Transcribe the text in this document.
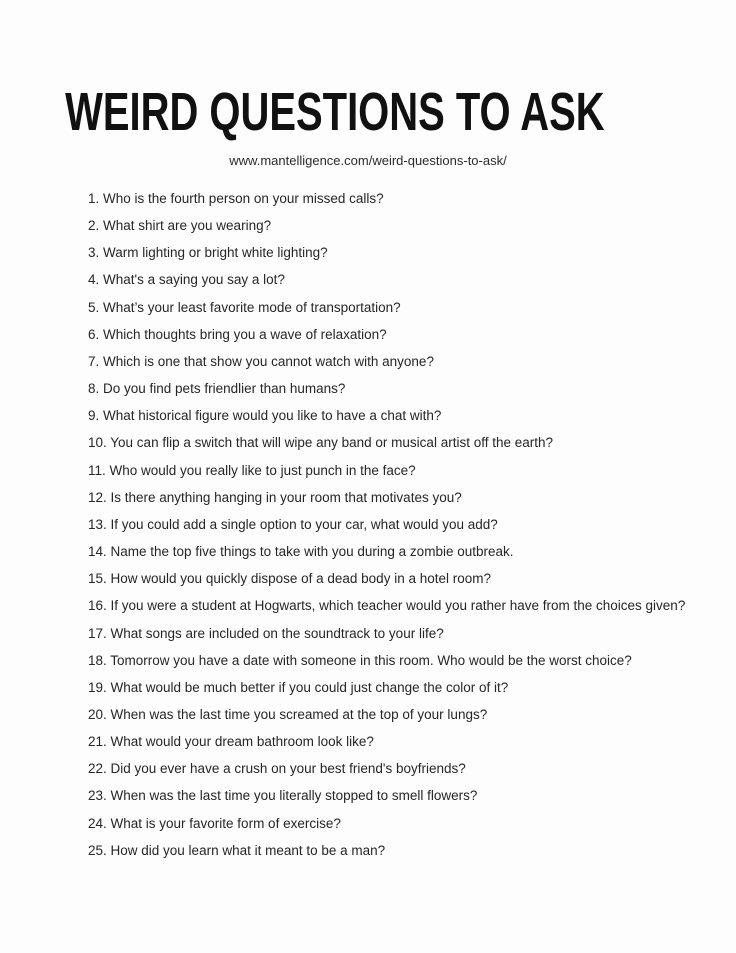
WEIRD QUESTIONS TO ASK
www.mantelligence.com/weird-questions-to-ask/
1. Who is the fourth person on your missed calls?
2. What shirt are you wearing?
3. Warm lighting or bright white lighting?
4. What's a saying you say a lot?
5. What’s your least favorite mode of transportation?
6. Which thoughts bring you a wave of relaxation?
7. Which is one that show you cannot watch with anyone?
8. Do you find pets friendlier than humans?
9. What historical figure would you like to have a chat with?
10. You can flip a switch that will wipe any band or musical artist off the earth?
11. Who would you really like to just punch in the face?
12. Is there anything hanging in your room that motivates you?
13. If you could add a single option to your car, what would you add?
14. Name the top five things to take with you during a zombie outbreak.
15. How would you quickly dispose of a dead body in a hotel room?
16. If you were a student at Hogwarts, which teacher would you rather have from the choices given?
17. What songs are included on the soundtrack to your life?
18. Tomorrow you have a date with someone in this room. Who would be the worst choice?
19. What would be much better if you could just change the color of it?
20. When was the last time you screamed at the top of your lungs?
21. What would your dream bathroom look like?
22. Did you ever have a crush on your best friend's boyfriends?
23. When was the last time you literally stopped to smell flowers?
24. What is your favorite form of exercise?
25. How did you learn what it meant to be a man?
